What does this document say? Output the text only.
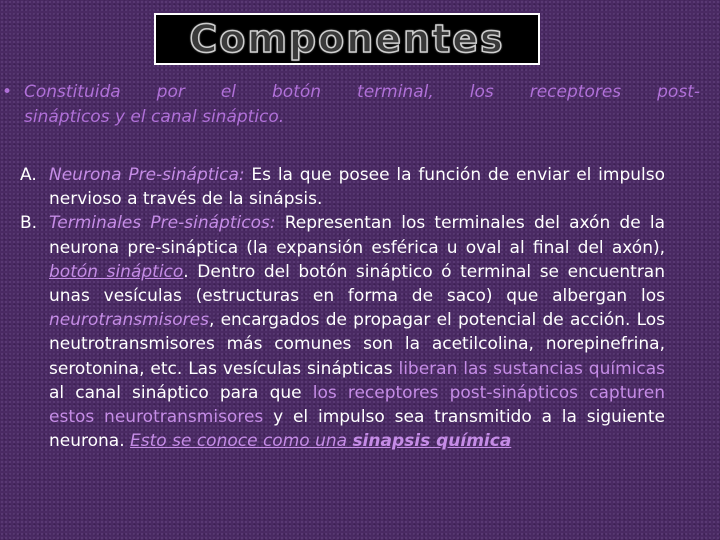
Componentes
• Constituida por el botón terminal, los receptores post-
sinápticos y el canal sináptico.
A. Neurona Pre-sináptica: Es la que posee la función de enviar el impulso nervioso a través de la sinápsis.

B. Terminales Pre-sinápticos: Representan los terminales del axón de la neurona pre-sináptica (la expansión esférica u oval al final del axón), botón sináptico. Dentro del botón sináptico ó terminal se encuentran unas vesículas (estructuras en forma de saco) que albergan los neurotransmisores, encargados de propagar el potencial de acción. Los neutrotransmisores más comunes son la acetilcolina, norepinefrina, serotonina, etc. Las vesículas sinápticas liberan las sustancias químicas al canal sináptico para que los receptores post-sinápticos capturen estos neurotransmisores y el impulso sea transmitido a la siguiente neurona. Esto se conoce como una sinapsis química
